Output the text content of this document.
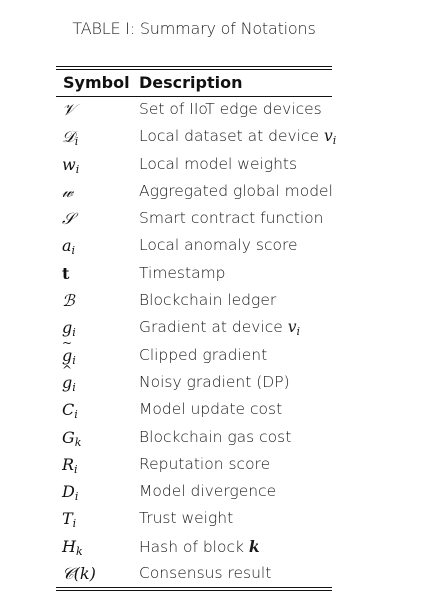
TABLE I: Summary of Notations
Symbol Description
𝒱	Set of IIoT edge devices
𝒟$_i$	Local dataset at device $v_i$
$w_i$	Local model weights
𝓌	Aggregated global model
𝒮	Smart contract function
$a_i$	Local anomaly score
t	Timestamp
ℬ	Blockchain ledger
$g_i$	Gradient at device $v_i$
~
$g_i$	Clipped gradient
^
$g_i$	Noisy gradient (DP)
$C_i$	Model update cost
$G_k$	Blockchain gas cost
$R_i$	Reputation score
$D_i$	Model divergence
$T_i$	Trust weight
$H_k$	Hash of block k
𝒞(k)	Consensus result
